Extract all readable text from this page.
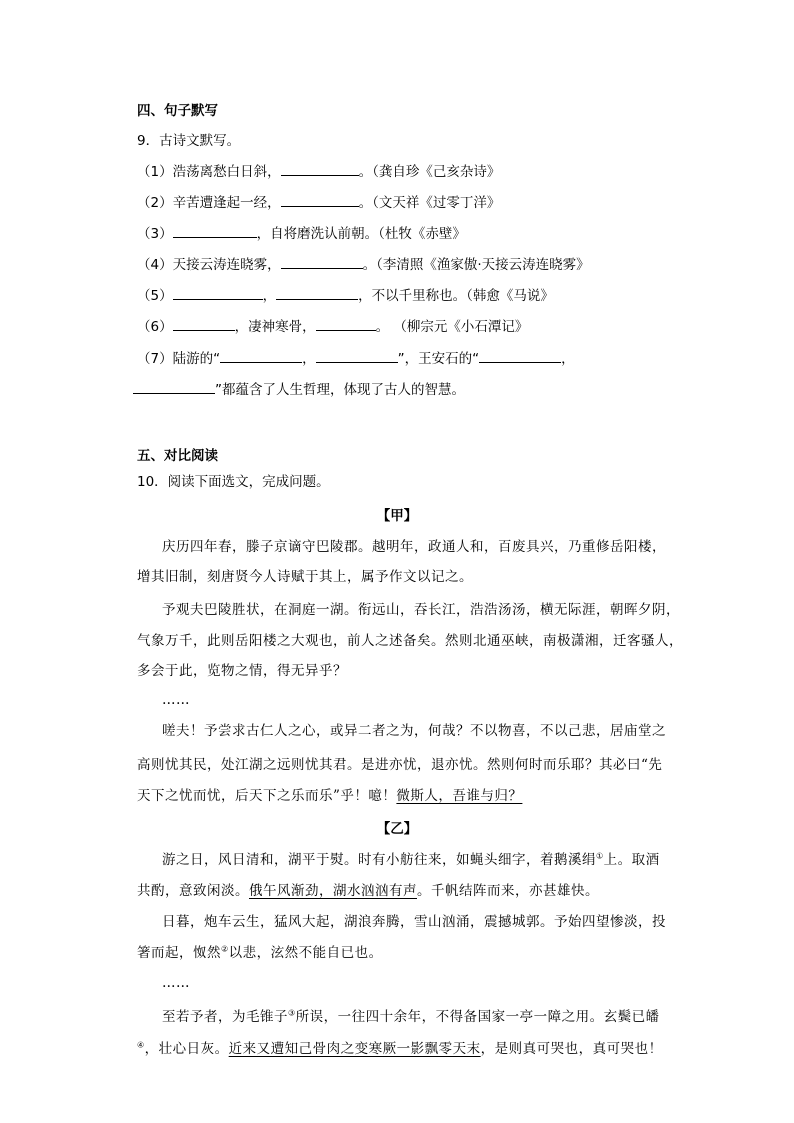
四、句子默写
9．古诗文默写。
（1）浩荡离愁白日斜，	。（龚自珍《己亥杂诗》
（2）辛苦遭逢起一经，	。（文天祥《过零丁洋》
（3）	，自将磨洗认前朝。（杜牧《赤壁》
（4）天接云涛连晓雾，	。（李清照《渔家傲·天接云涛连晓雾》
（5）	，	，不以千里称也。（韩愈《马说》
（6）	，凄神寒骨，	。 （柳宗元《小石潭记》
（7）陆游的“	，	”，王安石的“	，
”都蕴含了人生哲理，体现了古人的智慧。
五、对比阅读
10．阅读下面选文，完成问题。
【甲】
庆历四年春，滕子京谪守巴陵郡。越明年，政通人和，百废具兴，乃重修岳阳楼，
增其旧制，刻唐贤今人诗赋于其上，属予作文以记之。
予观夫巴陵胜状，在洞庭一湖。衔远山，吞长江，浩浩汤汤，横无际涯，朝晖夕阴，
气象万千，此则岳阳楼之大观也，前人之述备矣。然则北通巫峡，南极潇湘，迁客骚人，
多会于此，览物之情，得无异乎？
……
嗟夫！予尝求古仁人之心，或异二者之为，何哉？不以物喜，不以己悲，居庙堂之
高则忧其民，处江湖之远则忧其君。是进亦忧，退亦忧。然则何时而乐耶？其必曰“先
天下之忧而忧，后天下之乐而乐”乎！噫！微斯人，吾谁与归？
【乙】
游之日，风日清和，湖平于熨。时有小舫往来，如蝇头细字，着鹅溪绢①上。取酒
共酌，意致闲淡。俄午风渐劲，湖水汹汹有声。千帆结阵而来，亦甚雄快。
日暮，炮车云生，猛风大起，湖浪奔腾，雪山汹涌，震撼城郭。予始四望惨淡，投
箸而起，怓然②以悲，泫然不能自已也。
……
至若予者，为毛锥子③所误，一往四十余年，不得备国家一亭一障之用。玄鬓已皤
④，壮心日灰。近来又遭知己骨肉之变寒厥一影飘零天末，是则真可哭也，真可哭也！
